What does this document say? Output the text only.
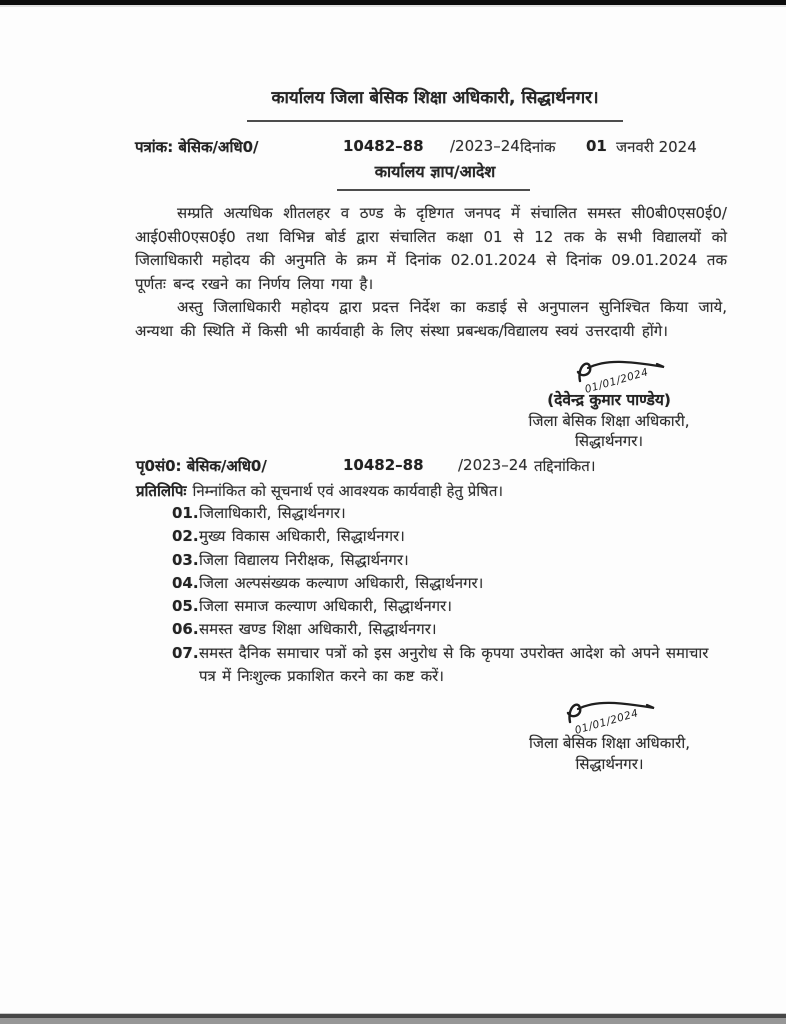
कार्यालय जिला बेसिक शिक्षा अधिकारी, सिद्धार्थनगर।
पत्रांक: बेसिक/अधि0/	10482–88 /2023–24 दिनांक 01 जनवरी 2024
कार्यालय ज्ञाप/आदेश
सम्प्रति अत्यधिक शीतलहर व ठण्ड के दृष्टिगत जनपद में संचालित समस्त सी0बी0एस0ई0/आई0सी0एस0ई0 तथा विभिन्न बोर्ड द्वारा संचालित कक्षा 01 से 12 तक के सभी विद्यालयों को जिलाधिकारी महोदय की अनुमति के क्रम में दिनांक 02.01.2024 से दिनांक 09.01.2024 तक पूर्णतः बन्द रखने का निर्णय लिया गया है।
अस्तु जिलाधिकारी महोदय द्वारा प्रदत्त निर्देश का कडाई से अनुपालन सुनिश्चित किया जाये, अन्यथा की स्थिति में किसी भी कार्यवाही के लिए संस्था प्रबन्धक/विद्यालय स्वयं उत्तरदायी होंगे।
01/01/2024
(देवेन्द्र कुमार पाण्डेय)
जिला बेसिक शिक्षा अधिकारी,
सिद्धार्थनगर।
पृ0सं0: बेसिक/अधि0/	10482–88 /2023–24 तद्दिनांकित।
प्रतिलिपिः निम्नांकित को सूचनार्थ एवं आवश्यक कार्यवाही हेतु प्रेषित।
01. जिलाधिकारी, सिद्धार्थनगर।
02. मुख्य विकास अधिकारी, सिद्धार्थनगर।
03. जिला विद्यालय निरीक्षक, सिद्धार्थनगर।
04. जिला अल्पसंख्यक कल्याण अधिकारी, सिद्धार्थनगर।
05. जिला समाज कल्याण अधिकारी, सिद्धार्थनगर।
06. समस्त खण्ड शिक्षा अधिकारी, सिद्धार्थनगर।
07. समस्त दैनिक समाचार पत्रों को इस अनुरोध से कि कृपया उपरोक्त आदेश को अपने समाचार पत्र में निःशुल्क प्रकाशित करने का कष्ट करें।
01/01/2024
जिला बेसिक शिक्षा अधिकारी,
सिद्धार्थनगर।
